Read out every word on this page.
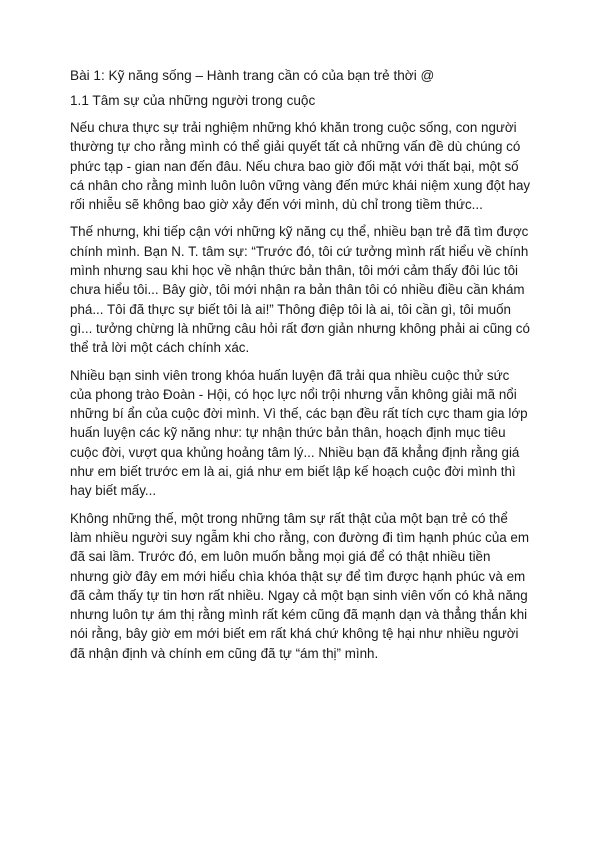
Bài 1: Kỹ năng sống – Hành trang cần có của bạn trẻ thời @

1.1 Tâm sự của những người trong cuộc

Nếu chưa thực sự trải nghiệm những khó khăn trong cuộc sống, con người thường tự cho rằng mình có thể giải quyết tất cả những vấn đề dù chúng có phức tạp - gian nan đến đâu. Nếu chưa bao giờ đối mặt với thất bại, một số cá nhân cho rằng mình luôn luôn vững vàng đến mức khái niệm xung đột hay rối nhiễu sẽ không bao giờ xảy đến với mình, dù chỉ trong tiềm thức...

Thế nhưng, khi tiếp cận với những kỹ năng cụ thể, nhiều bạn trẻ đã tìm được chính mình. Bạn N. T. tâm sự: “Trước đó, tôi cứ tưởng mình rất hiểu về chính mình nhưng sau khi học về nhận thức bản thân, tôi mới cảm thấy đôi lúc tôi chưa hiểu tôi... Bây giờ, tôi mới nhận ra bản thân tôi có nhiều điều cần khám phá... Tôi đã thực sự biết tôi là ai!” Thông điệp tôi là ai, tôi cần gì, tôi muốn gì... tưởng chừng là những câu hỏi rất đơn giản nhưng không phải ai cũng có thể trả lời một cách chính xác.

Nhiều bạn sinh viên trong khóa huấn luyện đã trải qua nhiều cuộc thử sức của phong trào Đoàn - Hội, có học lực nổi trội nhưng vẫn không giải mã nổi những bí ẩn của cuộc đời mình. Vì thế, các bạn đều rất tích cực tham gia lớp huấn luyện các kỹ năng như: tự nhận thức bản thân, hoạch định mục tiêu cuộc đời, vượt qua khủng hoảng tâm lý... Nhiều bạn đã khẳng định rằng giá như em biết trước em là ai, giá như em biết lập kế hoạch cuộc đời mình thì hay biết mấy...

Không những thế, một trong những tâm sự rất thật của một bạn trẻ có thể làm nhiều người suy ngẫm khi cho rằng, con đường đi tìm hạnh phúc của em đã sai lầm. Trước đó, em luôn muốn bằng mọi giá để có thật nhiều tiền nhưng giờ đây em mới hiểu chìa khóa thật sự để tìm được hạnh phúc và em đã cảm thấy tự tin hơn rất nhiều. Ngay cả một bạn sinh viên vốn có khả năng nhưng luôn tự ám thị rằng mình rất kém cũng đã mạnh dạn và thẳng thắn khi nói rằng, bây giờ em mới biết em rất khá chứ không tệ hại như nhiều người đã nhận định và chính em cũng đã tự “ám thị” mình.
